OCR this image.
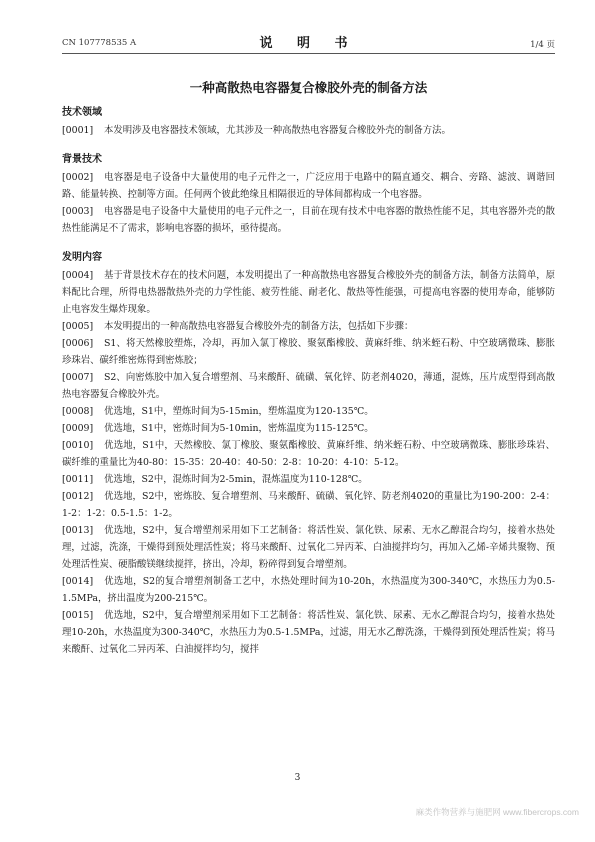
CN 107778535 A	说 明 书	1/4 页
一种高散热电容器复合橡胶外壳的制备方法
技术领域
[0001] 本发明涉及电容器技术领域，尤其涉及一种高散热电容器复合橡胶外壳的制备方法。
背景技术
[0002] 电容器是电子设备中大量使用的电子元件之一，广泛应用于电路中的隔直通交、耦合、旁路、滤波、调谐回路、能量转换、控制等方面。任何两个彼此绝缘且相隔很近的导体间都构成一个电容器。
[0003] 电容器是电子设备中大量使用的电子元件之一，目前在现有技术中电容器的散热性能不足，其电容器外壳的散热性能满足不了需求，影响电容器的损坏，亟待提高。
发明内容
[0004] 基于背景技术存在的技术问题，本发明提出了一种高散热电容器复合橡胶外壳的制备方法，制备方法简单，原料配比合理，所得电热器散热外壳的力学性能、疲劳性能、耐老化、散热等性能强，可提高电容器的使用寿命，能够防止电容发生爆炸现象。
[0005] 本发明提出的一种高散热电容器复合橡胶外壳的制备方法，包括如下步骤：
[0006] S1、将天然橡胶塑炼，冷却，再加入氯丁橡胶、聚氨酯橡胶、黄麻纤维、纳米蛭石粉、中空玻璃微珠、膨胀珍珠岩、碳纤维密炼得到密炼胶；
[0007] S2、向密炼胶中加入复合增塑剂、马来酸酐、硫磺、氧化锌、防老剂4020，薄通，混炼，压片成型得到高散热电容器复合橡胶外壳。
[0008] 优选地，S1中，塑炼时间为5-15min，塑炼温度为120-135℃。
[0009] 优选地，S1中，密炼时间为5-10min，密炼温度为115-125℃。
[0010] 优选地，S1中，天然橡胶、氯丁橡胶、聚氨酯橡胶、黄麻纤维、纳米蛭石粉、中空玻璃微珠、膨胀珍珠岩、碳纤维的重量比为40-80：15-35：20-40：40-50：2-8：10-20：4-10：5-12。
[0011] 优选地，S2中，混炼时间为2-5min，混炼温度为110-128℃。
[0012] 优选地，S2中，密炼胶、复合增塑剂、马来酸酐、硫磺、氧化锌、防老剂4020的重量比为190-200：2-4：1-2：1-2：0.5-1.5：1-2。
[0013] 优选地，S2中，复合增塑剂采用如下工艺制备：将活性炭、氯化铁、尿素、无水乙醇混合均匀，接着水热处理，过滤，洗涤，干燥得到预处理活性炭；将马来酸酐、过氧化二异丙苯、白油搅拌均匀，再加入乙烯-辛烯共聚物、预处理活性炭、硬脂酸镁继续搅拌，挤出，冷却，粉碎得到复合增塑剂。
[0014] 优选地，S2的复合增塑剂制备工艺中，水热处理时间为10-20h，水热温度为300-340℃，水热压力为0.5-1.5MPa，挤出温度为200-215℃。
[0015] 优选地，S2中，复合增塑剂采用如下工艺制备：将活性炭、氯化铁、尿素、无水乙醇混合均匀，接着水热处理10-20h，水热温度为300-340℃，水热压力为0.5-1.5MPa，过滤，用无水乙醇洗涤，干燥得到预处理活性炭；将马来酸酐、过氧化二异丙苯、白油搅拌均匀，搅拌
3
麻类作物营养与施肥网 www.fibercrops.com
